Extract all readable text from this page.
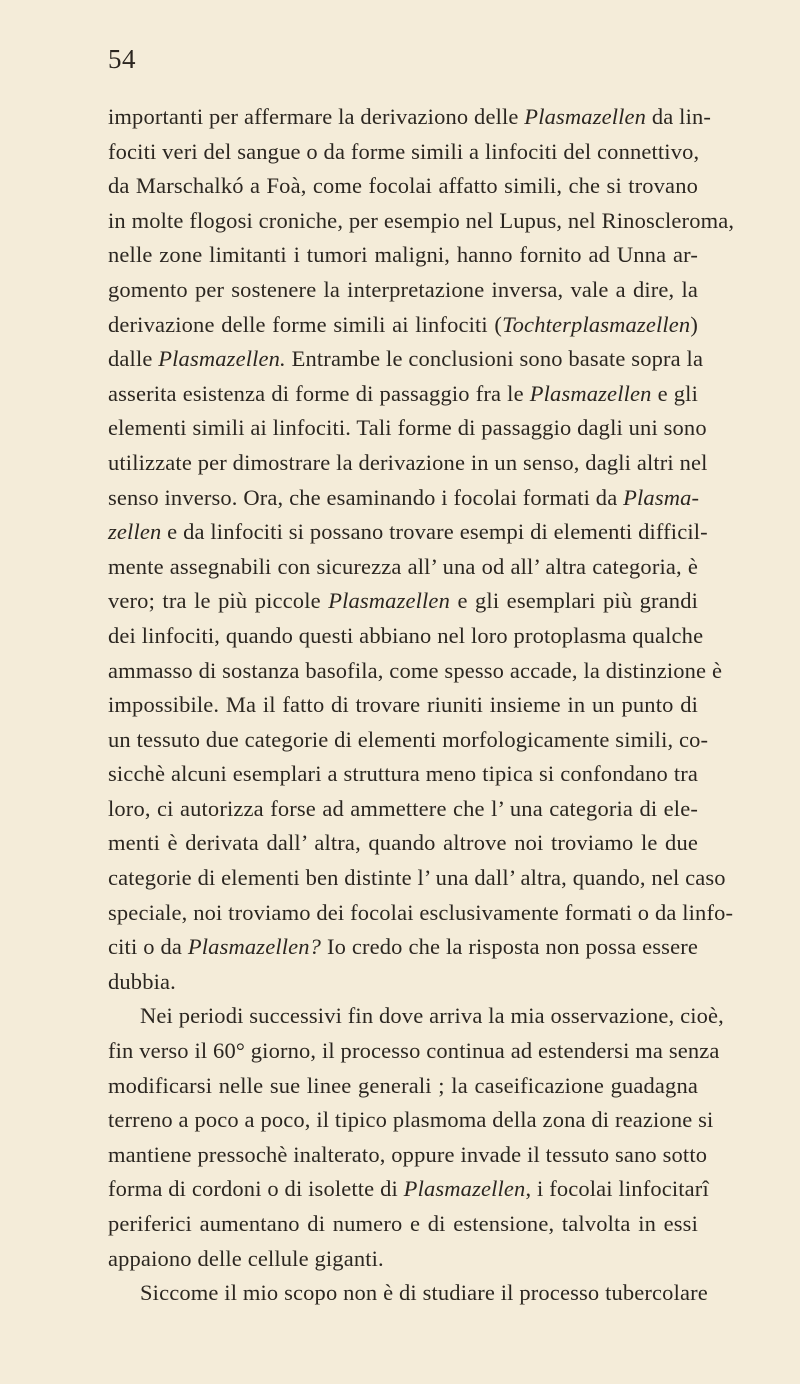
54
importanti per affermare la derivaziono delle Plasmazellen da lin-
fociti veri del sangue o da forme simili a linfociti del connettivo,
da Marschalkó a Foà, come focolai affatto simili, che si trovano
in molte flogosi croniche, per esempio nel Lupus, nel Rinoscleroma,
nelle zone limitanti i tumori maligni, hanno fornito ad Unna ar-
gomento per sostenere la interpretazione inversa, vale a dire, la
derivazione delle forme simili ai linfociti (Tochterplasmazellen)
dalle Plasmazellen. Entrambe le conclusioni sono basate sopra la
asserita esistenza di forme di passaggio fra le Plasmazellen e gli
elementi simili ai linfociti. Tali forme di passaggio dagli uni sono
utilizzate per dimostrare la derivazione in un senso, dagli altri nel
senso inverso. Ora, che esaminando i focolai formati da Plasma-
zellen e da linfociti si possano trovare esempi di elementi difficil-
mente assegnabili con sicurezza all’ una od all’ altra categoria, è
vero; tra le più piccole Plasmazellen e gli esemplari più grandi
dei linfociti, quando questi abbiano nel loro protoplasma qualche
ammasso di sostanza basofila, come spesso accade, la distinzione è
impossibile. Ma il fatto di trovare riuniti insieme in un punto di
un tessuto due categorie di elementi morfologicamente simili, co-
sicchè alcuni esemplari a struttura meno tipica si confondano tra
loro, ci autorizza forse ad ammettere che l’ una categoria di ele-
menti è derivata dall’ altra, quando altrove noi troviamo le due
categorie di elementi ben distinte l’ una dall’ altra, quando, nel caso
speciale, noi troviamo dei focolai esclusivamente formati o da linfo-
citi o da Plasmazellen? Io credo che la risposta non possa essere
dubbia.
Nei periodi successivi fin dove arriva la mia osservazione, cioè,
fin verso il 60° giorno, il processo continua ad estendersi ma senza
modificarsi nelle sue linee generali ; la caseificazione guadagna
terreno a poco a poco, il tipico plasmoma della zona di reazione si
mantiene pressochè inalterato, oppure invade il tessuto sano sotto
forma di cordoni o di isolette di Plasmazellen, i focolai linfocitarî
periferici aumentano di numero e di estensione, talvolta in essi
appaiono delle cellule giganti.
Siccome il mio scopo non è di studiare il processo tubercolare
